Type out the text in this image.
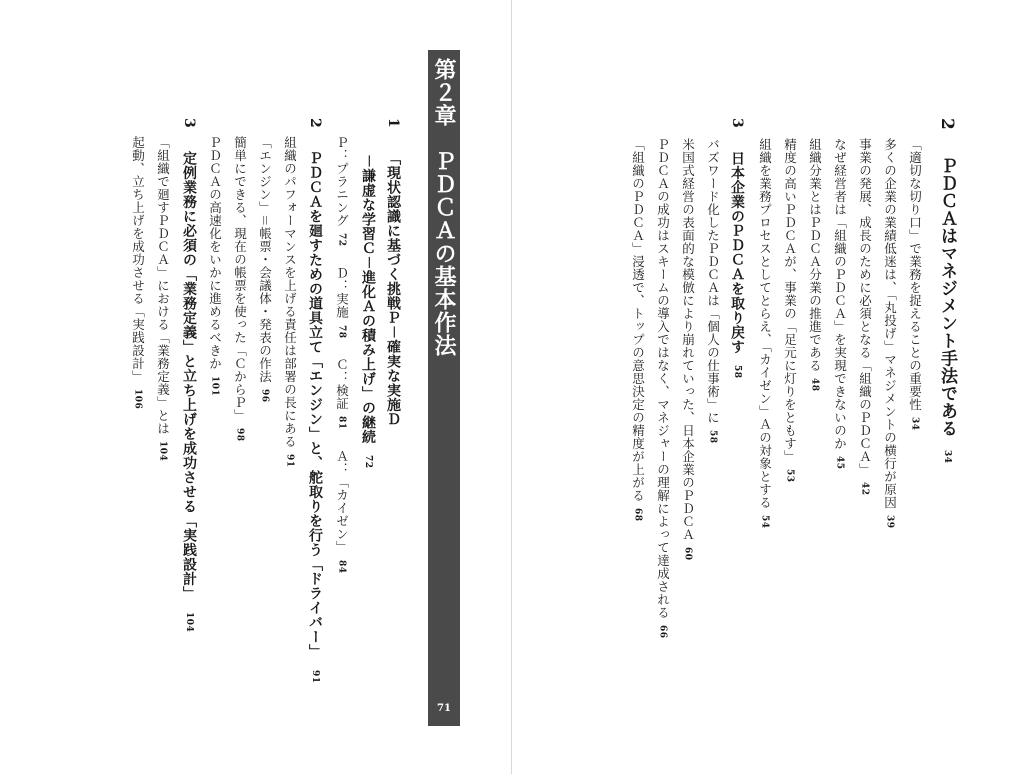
2  ＰＤＣＡはマネジメント手法である 34
「適切な切り口」で業務を捉えることの重要性34
多くの企業の業績低迷は、「丸投げ」マネジメントの横行が原因39
事業の発展、成長のために必須となる「組織のＰＤＣＡ」42
なぜ経営者は「組織のＰＤＣＡ」を実現できないのか45
組織分業とはＰＤＣＡ分業の推進である48
精度の高いＰＤＣＡが、事業の「足元に灯りをともす」53
組織を業務プロセスとしてとらえ、「カイゼン」Ａの対象とする54
3  日本企業のＰＤＣＡを取り戻す 58
バズワード化したＰＤＣＡは「個人の仕事術」に58
米国式経営の表面的な模倣により崩れていった、日本企業のＰＤＣＡ60
ＰＤＣＡの成功はスキームの導入ではなく、マネジャーの理解によって達成される66
「組織のＰＤＣＡ」浸透で、トップの意思決定の精度が上がる68
第２章　ＰＤＣＡの基本作法
71
1  「現状認識に基づく挑戦Ｐ－確実な実施Ｄ
－謙虚な学習Ｃ－進化Ａの積み上げ」の継続 72
Ｐ：プラニング72Ｄ：実施78Ｃ：検証81Ａ：「カイゼン」84
2  ＰＤＣＡを廻すための道具立て「エンジン」と、舵取りを行う「ドライバー」 91
組織のパフォーマンスを上げる責任は部署の長にある91
「エンジン」＝帳票・会議体・発表の作法96
簡単にできる、現在の帳票を使った「ＣからＰ」98
ＰＤＣＡの高速化をいかに進めるべきか101
3  定例業務に必須の「業務定義」と立ち上げを成功させる「実践設計」 104
「組織で廻すＰＤＣＡ」における「業務定義」とは104
起動、立ち上げを成功させる「実践設計」106
